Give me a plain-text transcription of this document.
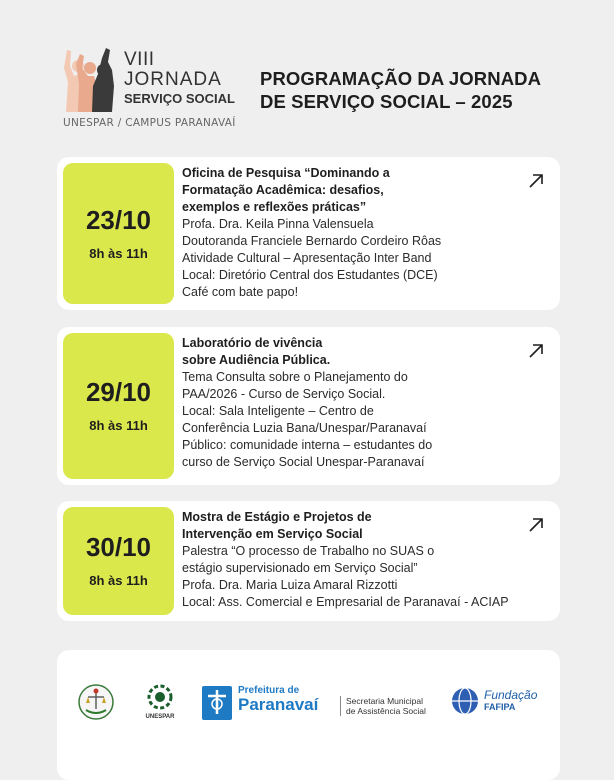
VIII
JORNADA
SERVIÇO SOCIAL
UNESPAR / CAMPUS PARANAVAÍ
PROGRAMAÇÃO DA JORNADA
DE SERVIÇO SOCIAL – 2025
23/10
8h às 11h
Oficina de Pesquisa “Dominando a
Formatação Acadêmica: desafios,
exemplos e reflexões práticas”
Profa. Dra. Keila Pinna Valensuela
Doutoranda Franciele Bernardo Cordeiro Rôas
Atividade Cultural – Apresentação Inter Band
Local: Diretório Central dos Estudantes (DCE)
Café com bate papo!
29/10
8h às 11h
Laboratório de vivência
sobre Audiência Pública.
Tema Consulta sobre o Planejamento do
PAA/2026 - Curso de Serviço Social.
Local: Sala Inteligente – Centro de
Conferência Luzia Bana/Unespar/Paranavaí
Público: comunidade interna – estudantes do
curso de Serviço Social Unespar-Paranavaí
30/10
8h às 11h
Mostra de Estágio e Projetos de
Intervenção em Serviço Social
Palestra “O processo de Trabalho no SUAS o
estágio supervisionado em Serviço Social”
Profa. Dra. Maria Luiza Amaral Rizzotti
Local: Ass. Comercial e Empresarial de Paranavaí - ACIAP
UNESPAR
Prefeitura de
Paranavaí	Secretaria Municipal
de Assistência Social
Fundação
FAFIPA
